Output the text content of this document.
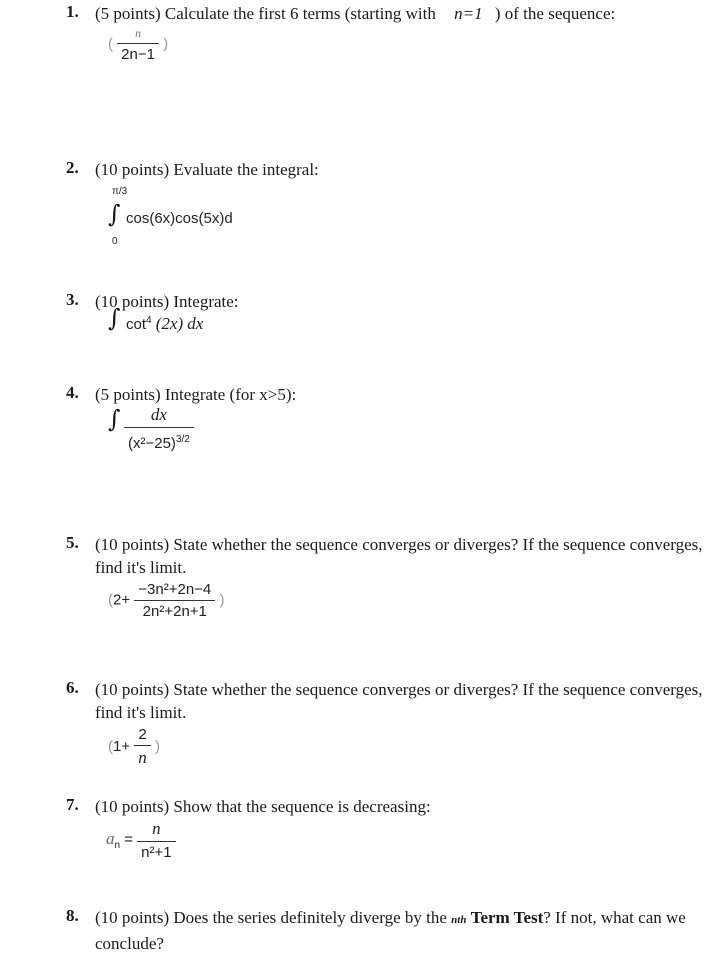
1. (5 points) Calculate the first 6 terms (starting with n=1 ) of the sequence:
( $\frac{n}{2n-1}$ )
2. (10 points) Evaluate the integral:
π/3
∫ cos(6x)cos(5x)d
0
3. (10 points) Integrate:
∫ $\cot^4 (2x)$ dx
4. (5 points) Integrate (for x>5):
∫ $\frac{dx}{(x^2-25)^{3/2}}$
5. (10 points) State whether the sequence converges or diverges? If the sequence converges, find it's limit.
($2+ \frac{\text{−3n²+2n−4}}{\text{2n²+2n+1}}$ )
6. (10 points) State whether the sequence converges or diverges? If the sequence converges, find it's limit.
($1+ \frac{2}{n}$ )
7. (10 points) Show that the sequence is decreasing:
$a_n = \frac{n}{\text{n²+1}}$
8. (10 points) Does the series definitely diverge by the nth Term Test? If not, what can we conclude?
